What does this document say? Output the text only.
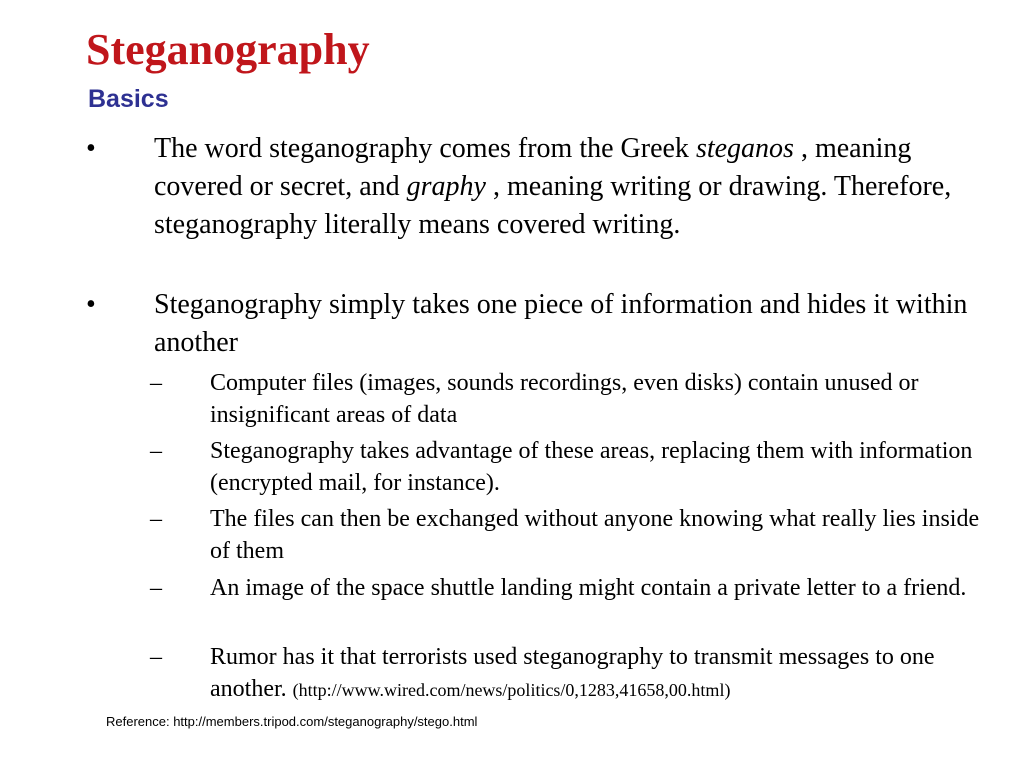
Steganography
Basics
• The word steganography comes from the Greek steganos , meaning covered or secret, and graphy , meaning writing or drawing. Therefore, steganography literally means covered writing.
• Steganography simply takes one piece of information and hides it within another
– Computer files (images, sounds recordings, even disks) contain unused or insignificant areas of data
– Steganography takes advantage of these areas, replacing them with information (encrypted mail, for instance).
– The files can then be exchanged without anyone knowing what really lies inside of them
– An image of the space shuttle landing might contain a private letter to a friend.
– Rumor has it that terrorists used steganography to transmit messages to one another. (http://www.wired.com/news/politics/0,1283,41658,00.html)
Reference: http://members.tripod.com/steganography/stego.html
